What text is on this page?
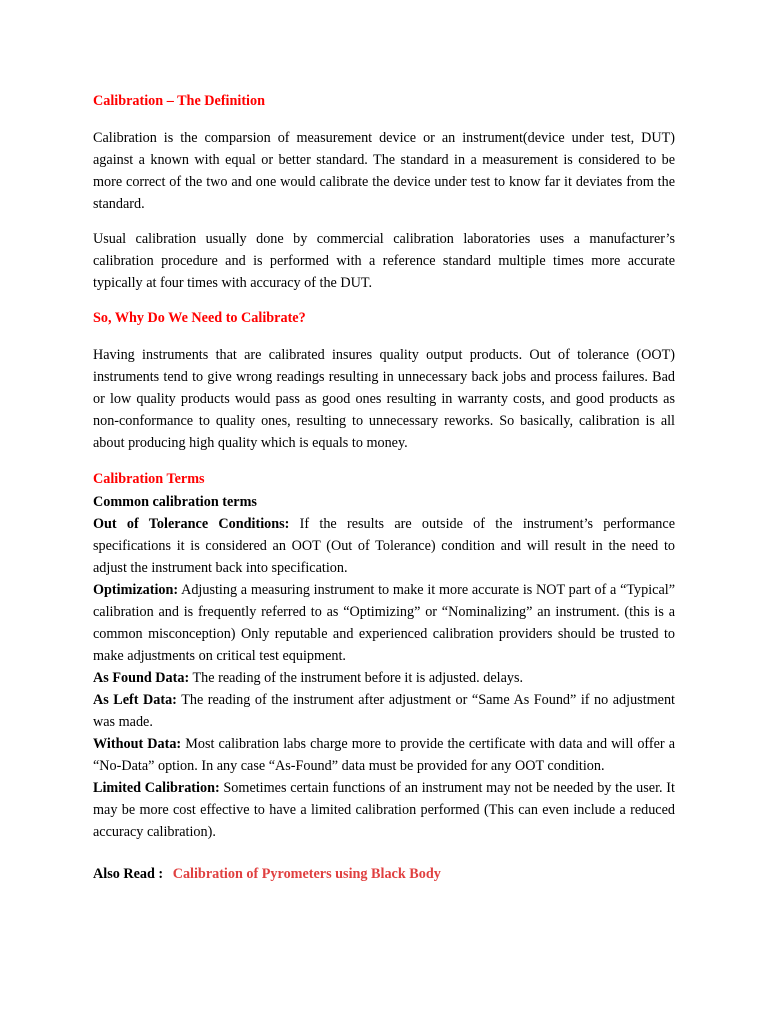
Calibration – The Definition

Calibration is the comparsion of measurement device or an instrument(device under test, DUT) against a known with equal or better standard. The standard in a measurement is considered to be more correct of the two and one would calibrate the device under test to know far it deviates from the standard.

Usual calibration usually done by commercial calibration laboratories uses a manufacturer’s calibration procedure and is performed with a reference standard multiple times more accurate typically at four times with accuracy of the DUT.

So, Why Do We Need to Calibrate?

Having instruments that are calibrated insures quality output products. Out of tolerance (OOT) instruments tend to give wrong readings resulting in unnecessary back jobs and process failures. Bad or low quality products would pass as good ones resulting in warranty costs, and good products as non-conformance to quality ones, resulting to unnecessary reworks. So basically, calibration is all about producing high quality which is equals to money.

Calibration Terms
Common calibration terms

Out of Tolerance Conditions: If the results are outside of the instrument’s performance specifications it is considered an OOT (Out of Tolerance) condition and will result in the need to adjust the instrument back into specification.

Optimization: Adjusting a measuring instrument to make it more accurate is NOT part of a “Typical” calibration and is frequently referred to as “Optimizing” or “Nominalizing” an instrument. (this is a common misconception) Only reputable and experienced calibration providers should be trusted to make adjustments on critical test equipment.

As Found Data: The reading of the instrument before it is adjusted. delays.

As Left Data: The reading of the instrument after adjustment or “Same As Found” if no adjustment was made.

Without Data: Most calibration labs charge more to provide the certificate with data and will offer a “No-Data” option. In any case “As-Found” data must be provided for any OOT condition.

Limited Calibration: Sometimes certain functions of an instrument may not be needed by the user. It may be more cost effective to have a limited calibration performed (This can even include a reduced accuracy calibration).

Also Read : Calibration of Pyrometers using Black Body
